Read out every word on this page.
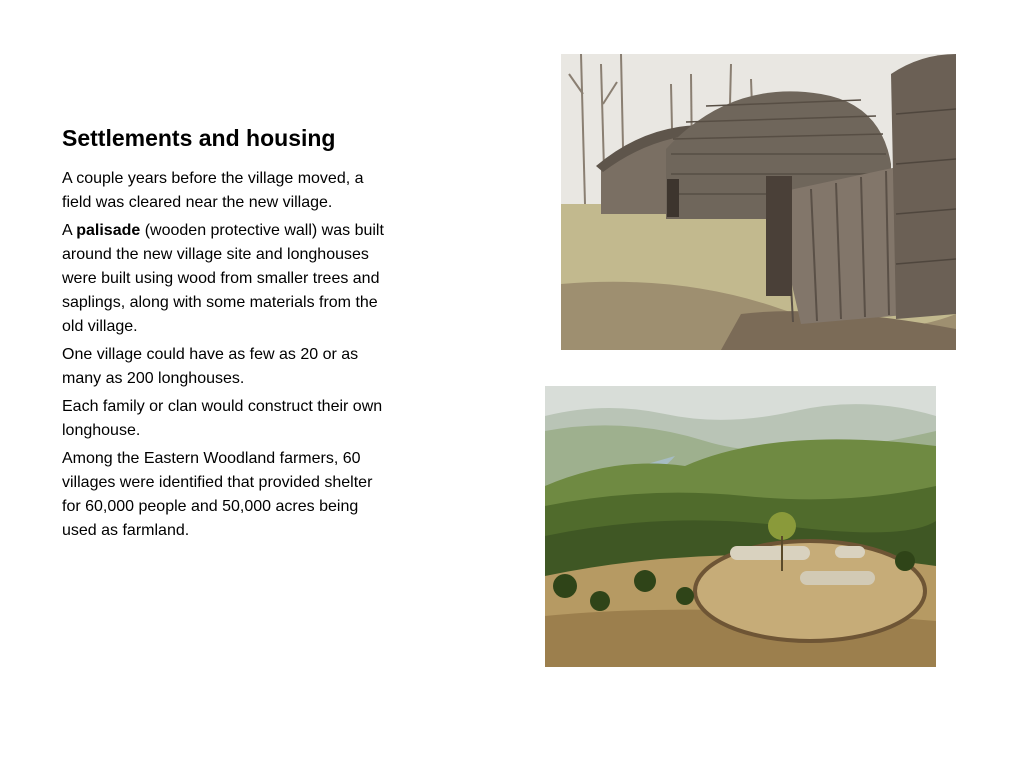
Settlements and housing

A couple years before the village moved, a field was cleared near the new village.

A palisade (wooden protective wall) was built around the new village site and longhouses were built using wood from smaller trees and saplings, along with some materials from the old village.

One village could have as few as 20 or as many as 200 longhouses.

Each family or clan would construct their own longhouse.

Among the Eastern Woodland farmers, 60 villages were identified that provided shelter for 60,000 people and 50,000 acres being used as farmland.
